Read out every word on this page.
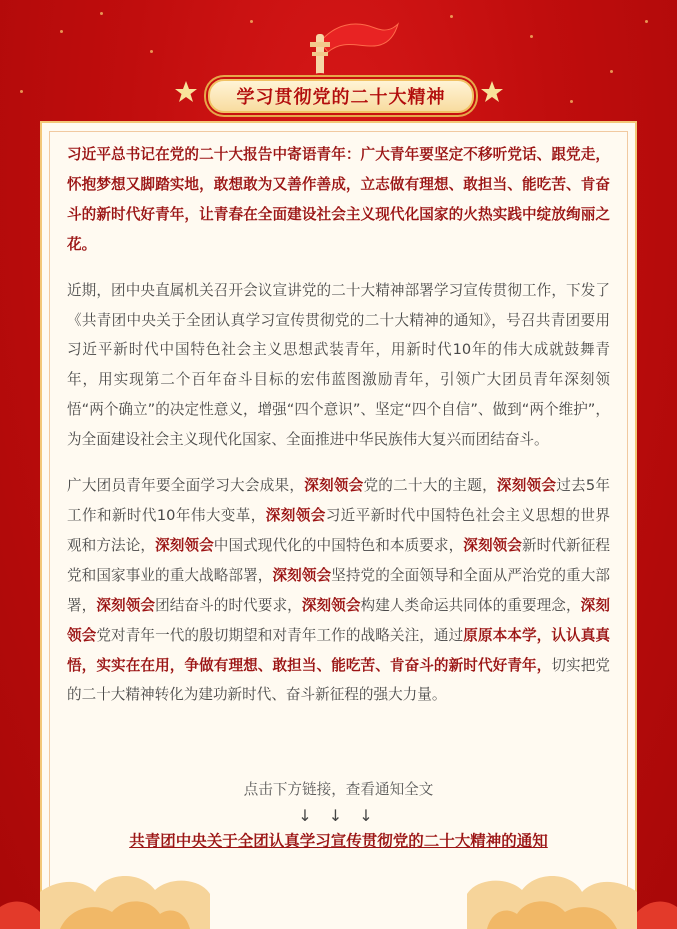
学习贯彻党的二十大精神

习近平总书记在党的二十大报告中寄语青年：广大青年要坚定不移听党话、跟党走，怀抱梦想又脚踏实地，敢想敢为又善作善成，立志做有理想、敢担当、能吃苦、肯奋斗的新时代好青年，让青春在全面建设社会主义现代化国家的火热实践中绽放绚丽之花。

近期，团中央直属机关召开会议宣讲党的二十大精神部署学习宣传贯彻工作，下发了《共青团中央关于全团认真学习宣传贯彻党的二十大精神的通知》，号召共青团要用习近平新时代中国特色社会主义思想武装青年，用新时代10年的伟大成就鼓舞青年，用实现第二个百年奋斗目标的宏伟蓝图激励青年，引领广大团员青年深刻领悟“两个确立”的决定性意义，增强“四个意识”、坚定“四个自信”、做到“两个维护”，为全面建设社会主义现代化国家、全面推进中华民族伟大复兴而团结奋斗。

广大团员青年要全面学习大会成果，深刻领会党的二十大的主题，深刻领会过去5年工作和新时代10年伟大变革，深刻领会习近平新时代中国特色社会主义思想的世界观和方法论，深刻领会中国式现代化的中国特色和本质要求，深刻领会新时代新征程党和国家事业的重大战略部署，深刻领会坚持党的全面领导和全面从严治党的重大部署，深刻领会团结奋斗的时代要求，深刻领会构建人类命运共同体的重要理念，深刻领会党对青年一代的殷切期望和对青年工作的战略关注，通过原原本本学，认认真真悟，实实在在用，争做有理想、敢担当、能吃苦、肯奋斗的新时代好青年，切实把党的二十大精神转化为建功新时代、奋斗新征程的强大力量。

点击下方链接，查看通知全文
↓ ↓ ↓
共青团中央关于全团认真学习宣传贯彻党的二十大精神的通知
